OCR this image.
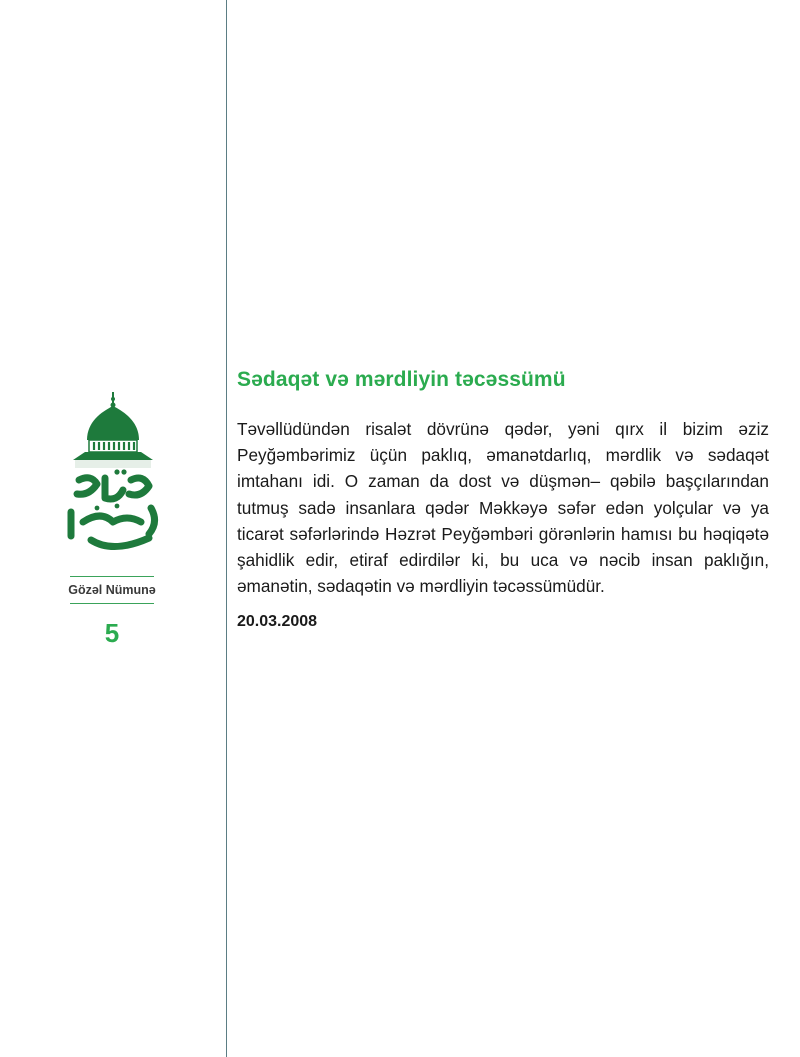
Gözəl Nümunə
5
Sədaqət və mərdliyin təcəssümü

Təvəllüdündən risalət dövrünə qədər, yəni qırx il bizim əziz Peyğəmbərimiz üçün paklıq, əmanətdarlıq, mərdlik və sədaqət imtahanı idi. O zaman da dost və düşmən– qəbilə başçılarından tutmuş sadə insanlara qədər Məkkəyə səfər edən yolçular və ya ticarət səfərlərində Həzrət Peyğəmbəri görənlərin hamısı bu həqiqətə şahidlik edir, etiraf edirdilər ki, bu uca və nəcib insan paklığın, əmanətin, sədaqətin və mərdliyin təcəssümüdür.

20.03.2008
